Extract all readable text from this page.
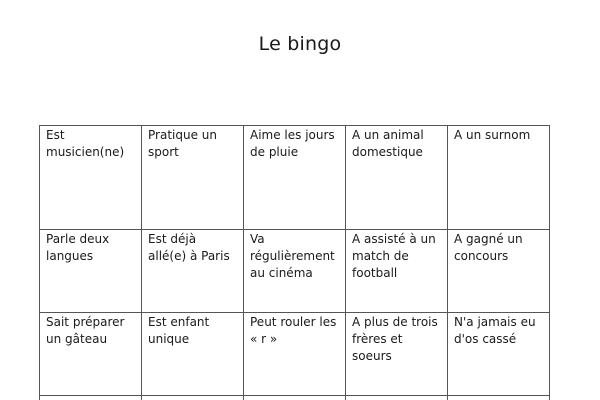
Le bingo
Est musicien(ne)	Pratique un sport	Aime les jours de pluie	A un animal domestique	A un surnom
Parle deux langues	Est déjà allé(e) à Paris	Va régulièrement au cinéma	A assisté à un match de football	A gagné un concours
Sait préparer un gâteau	Est enfant unique	Peut rouler les « r »	A plus de trois frères et soeurs	N'a jamais eu d'os cassé
